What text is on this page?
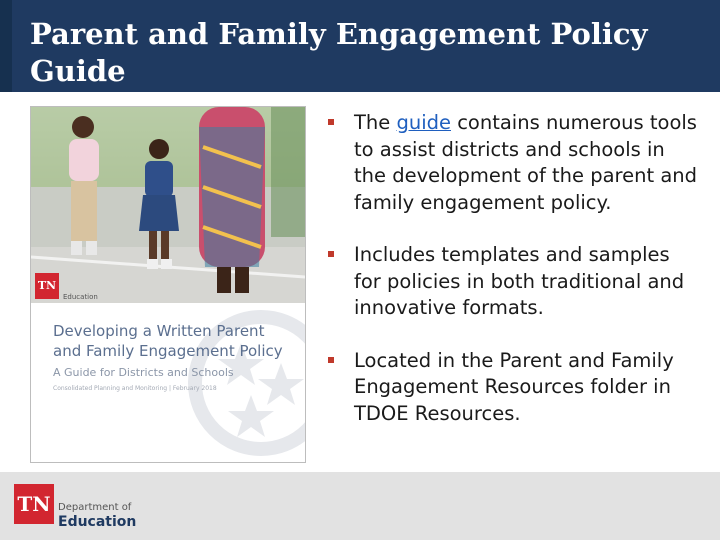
Parent and Family Engagement Policy Guide
TN
Education

Developing a Written Parent

and Family Engagement Policy

A Guide for Districts and Schools
Consolidated Planning and Monitoring | February 2018
The guide contains numerous tools to assist districts and schools in the development of the parent and family engagement policy.
Includes templates and samples for policies in both traditional and innovative formats.
Located in the Parent and Family Engagement Resources folder in TDOE Resources.
TN Department of
Education
